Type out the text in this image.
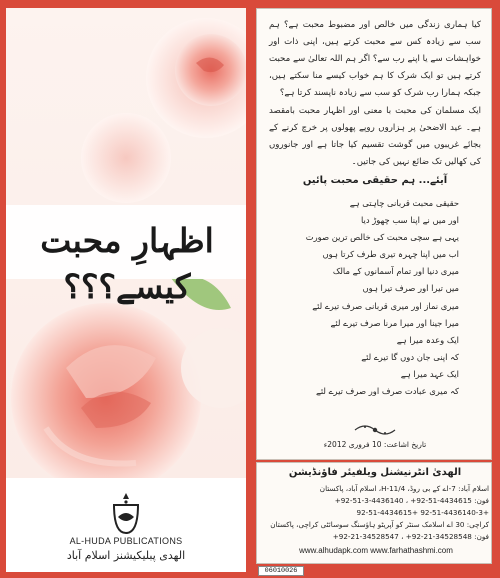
اظہارِ محبت کیسے؟؟؟
AL-HUDA PUBLICATIONS
الھدی پبلیکیشنز اسلام آباد

کیا ہماری زندگی میں خالص اور مضبوط محبت ہے؟ ہم سب سے زیادہ کس سے محبت کرتے ہیں، اپنی ذات اور خواہشات سے یا اپنے رب سے؟ اگر ہم اللہ تعالیٰ سے محبت کرتے ہیں تو ایک شرک کا ہم خواب کیسے منا سکتے ہیں، جبکہ ہمارا رب شرک کو سب سے زیادہ ناپسند کرتا ہے؟

ایک مسلمان کی محبت با معنی اور اظہار محبت بامقصد ہے۔ عید الاضحیٰ پر ہزاروں روپے پھولوں پر خرچ کرنے کے بجائے غریبوں میں گوشت تقسیم کیا جاتا ہے اور جانوروں کی کھالیں تک ضائع نہیں کی جاتیں۔

آیئے... ہم حقیقی محبت پائیں
حقیقی محبت قربانی چاہتی ہے
اور میں نے اپنا سب چھوڑ دیا
یہی ہے سچی محبت کی خالص ترین صورت
اب میں اپنا چہرہ تیری طرف کرتا ہوں
میری دنیا اور تمام آسمانوں کے مالک
میں تیرا اور صرف تیرا ہوں
میری نماز اور میری قربانی صرف تیرے لئے
میرا جینا اور میرا مرنا صرف تیرے لئے
ایک وعدہ میرا ہے
کہ اپنی جان دوں گا تیرے لئے
ایک عہد میرا ہے
کہ میری عبادت صرف اور صرف تیرے لئے
تاریخ اشاعت: 10 فروری 2012ء
الھدیٰ انٹرنیشنل ویلفیئر فاؤنڈیشن
اسلام آباد: 7-اے کے بی روڈ، H-11/4، اسلام آباد، پاکستان
فون: 4434615-51-92+ ، 4436140-3-51-92+
+92-51-4436140-3 +92-51-4434615
کراچی: 30 اے اسلامک سنٹر کو آپریٹو ہاؤسنگ سوسائٹی کراچی، پاکستان
فون: 34528548-21-92+ ، 34528547-21-92+
www.alhudapk.com www.farhathashmi.com
06010026
